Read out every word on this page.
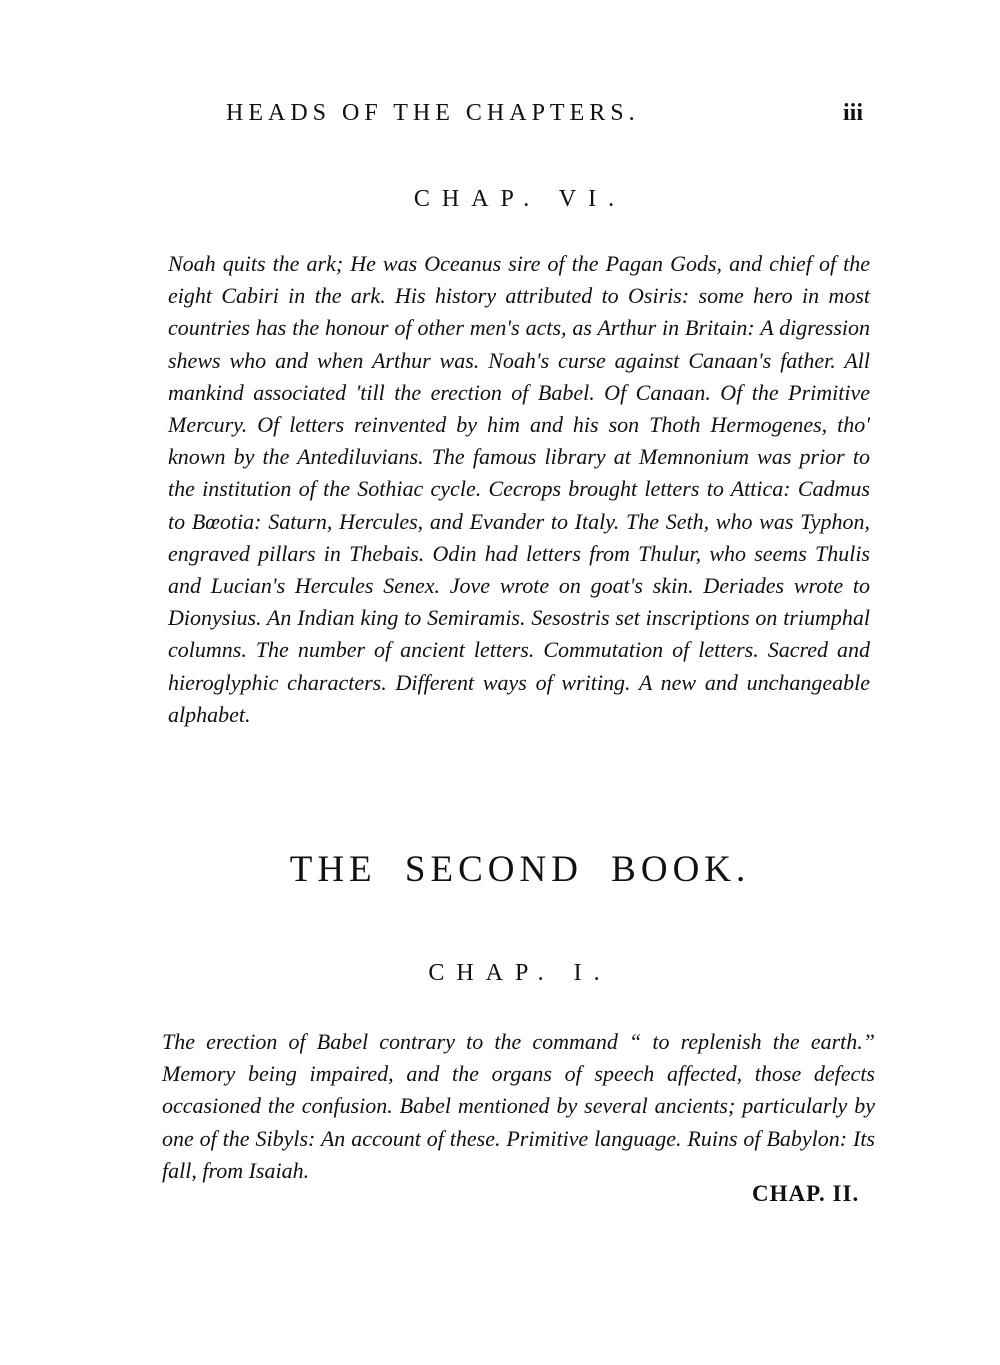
HEADS OF THE CHAPTERS.	iii
CHAP. VI.

Noah quits the ark; He was Oceanus sire of the Pagan Gods, and chief of the eight Cabiri in the ark. His history attributed to Osiris: some hero in most countries has the honour of other men's acts, as Arthur in Britain: A digression shews who and when Arthur was. Noah's curse against Canaan's father. All mankind associated 'till the erection of Babel. Of Canaan. Of the Primitive Mercury. Of letters reinvented by him and his son Thoth Hermogenes, tho' known by the Antediluvians. The famous library at Memnonium was prior to the institution of the Sothiac cycle. Cecrops brought letters to Attica: Cadmus to Bœotia: Saturn, Hercules, and Evander to Italy. The Seth, who was Typhon, engraved pillars in Thebais. Odin had letters from Thulur, who seems Thulis and Lucian's Hercules Senex. Jove wrote on goat's skin. Deriades wrote to Dionysius. An Indian king to Semiramis. Sesostris set inscriptions on triumphal columns. The number of ancient letters. Commutation of letters. Sacred and hieroglyphic characters. Different ways of writing. A new and unchangeable alphabet.

THE SECOND BOOK.
CHAP. I.

The erection of Babel contrary to the command “ to replenish the earth.” Memory being impaired, and the organs of speech affected, those defects occasioned the confusion. Babel mentioned by several ancients; particularly by one of the Sibyls: An account of these. Primitive language. Ruins of Babylon: Its fall, from Isaiah.

CHAP. II.
